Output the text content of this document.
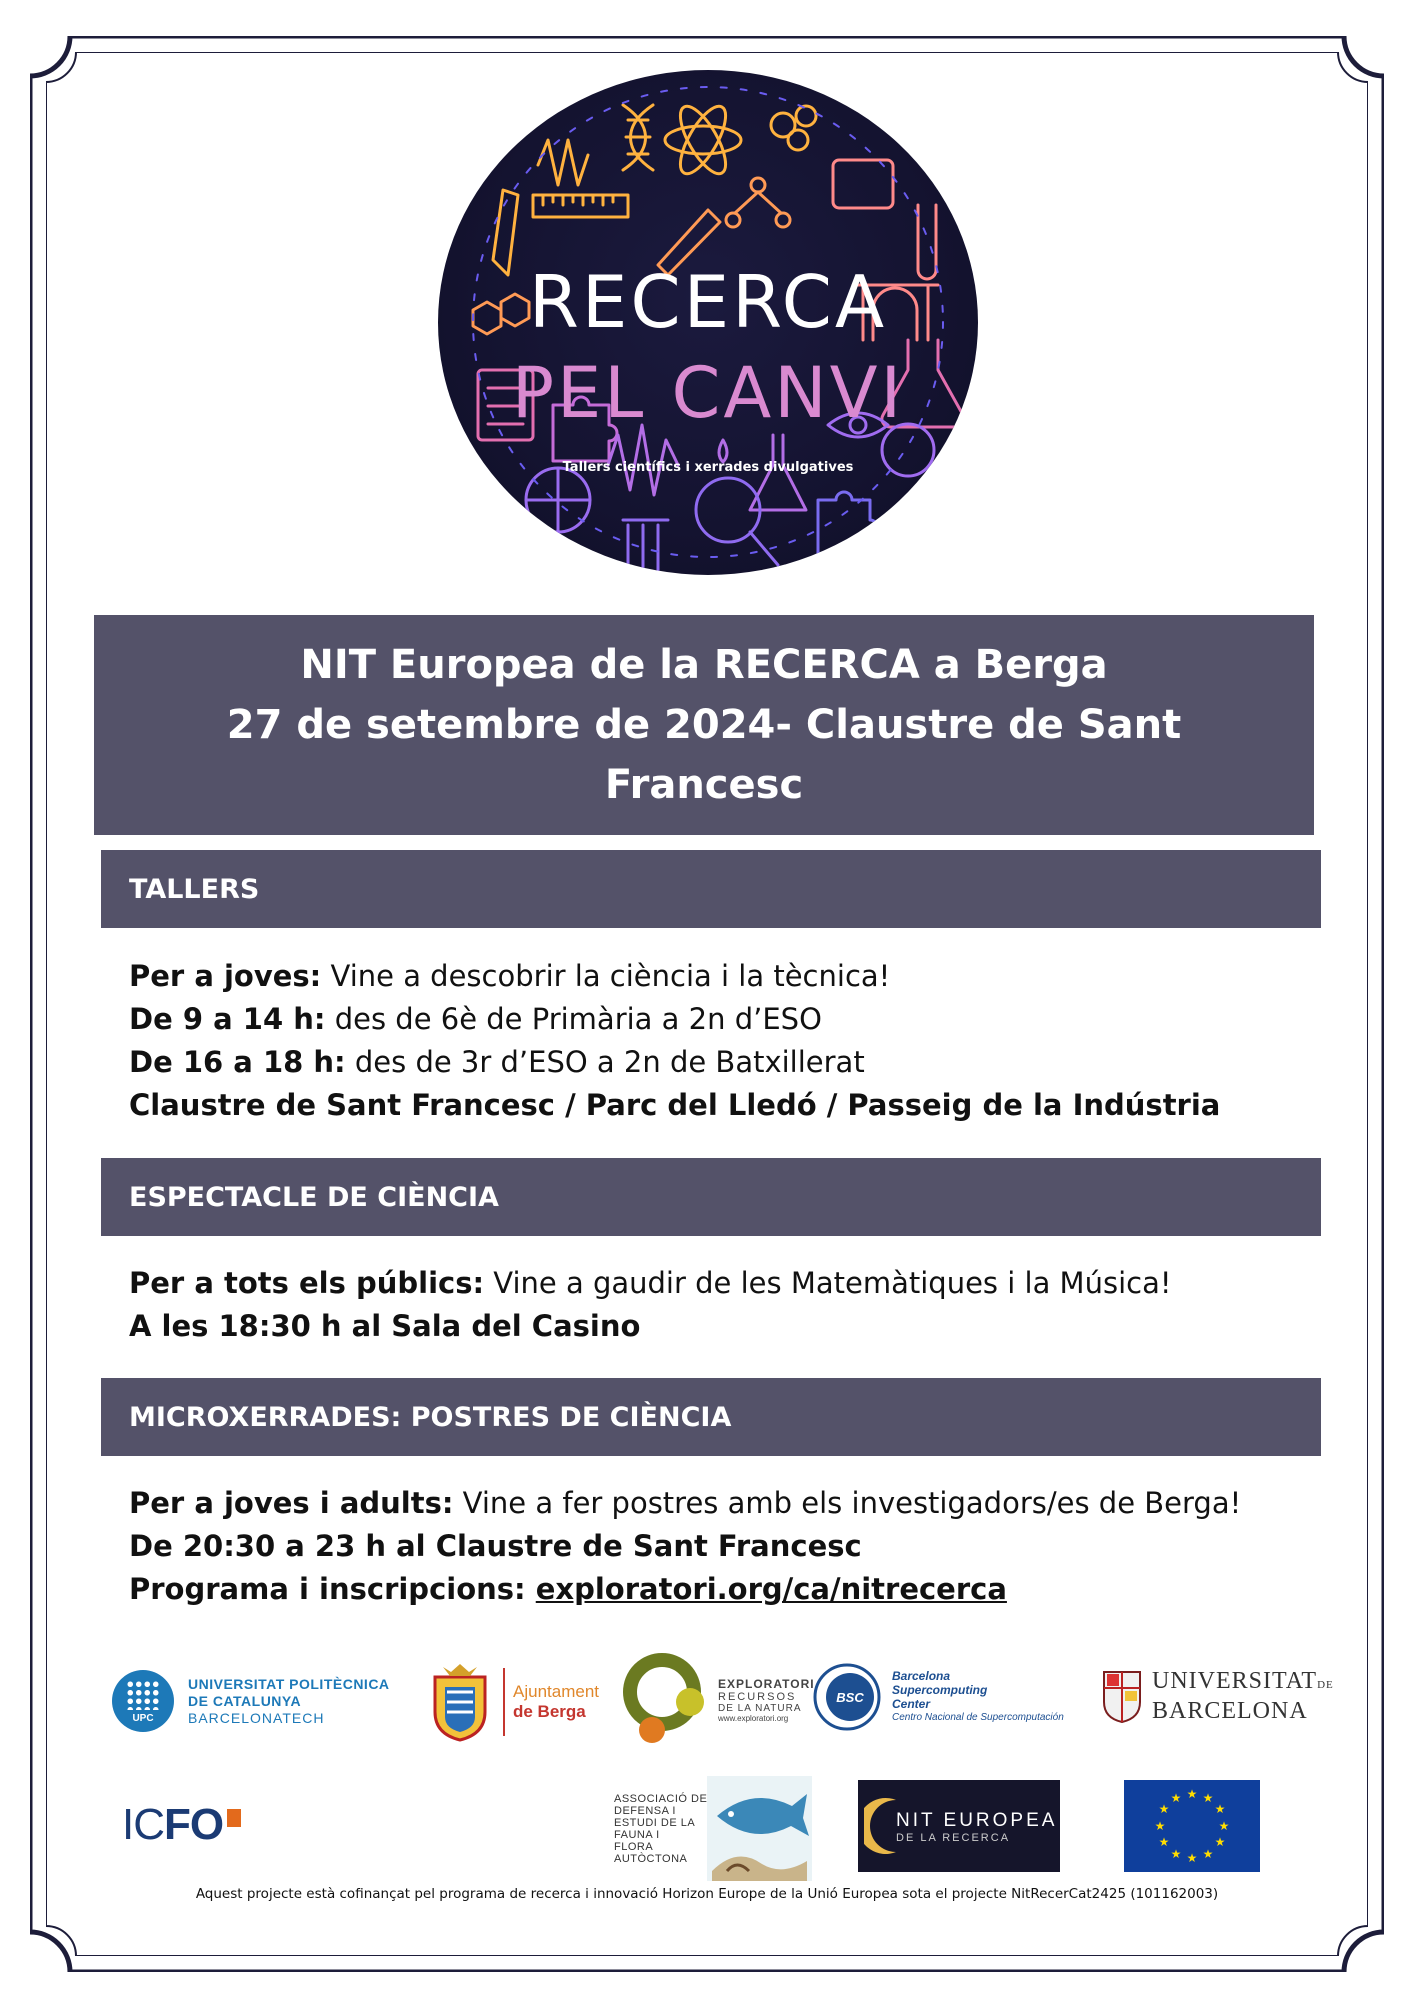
RECERCA
PEL CANVI
Tallers científics i xerrades divulgatives
NIT Europea de la RECERCA a Berga
27 de setembre de 2024- Claustre de Sant
Francesc
TALLERS
Per a joves: Vine a descobrir la ciència i la tècnica!
De 9 a 14 h: des de 6è de Primària a 2n d’ESO
De 16 a 18 h: des de 3r d’ESO a 2n de Batxillerat
Claustre de Sant Francesc / Parc del Lledó / Passeig de la Indústria
ESPECTACLE DE CIÈNCIA
Per a tots els públics: Vine a gaudir de les Matemàtiques i la Música!
A les 18:30 h al Sala del Casino
MICROXERRADES: POSTRES DE CIÈNCIA
Per a joves i adults: Vine a fer postres amb els investigadors/es de Berga!
De 20:30 a 23 h al Claustre de Sant Francesc
Programa i inscripcions: exploratori.org/ca/nitrecerca
UPC
UNIVERSITAT POLITÈCNICA
DE CATALUNYA
BARCELONATECH
Ajuntament
de Berga
EXPLORATORI
RECURSOS
DE LA NATURA
www.exploratori.org
BSC
Barcelona
Supercomputing
Center
Centro Nacional de Supercomputación
UNIVERSITATDE
BARCELONA
ICFO
ASSOCIACIÓ DE
DEFENSA I
ESTUDI DE LA
FAUNA I
FLORA
AUTÒCTONA
NIT EUROPEA
DE LA RECERCA
★ ★
★
★
★
★
★
★
★
★
★
★
Aquest projecte està cofinançat pel programa de recerca i innovació Horizon Europe de la Unió Europea sota el projecte NitRecerCat2425 (101162003)
